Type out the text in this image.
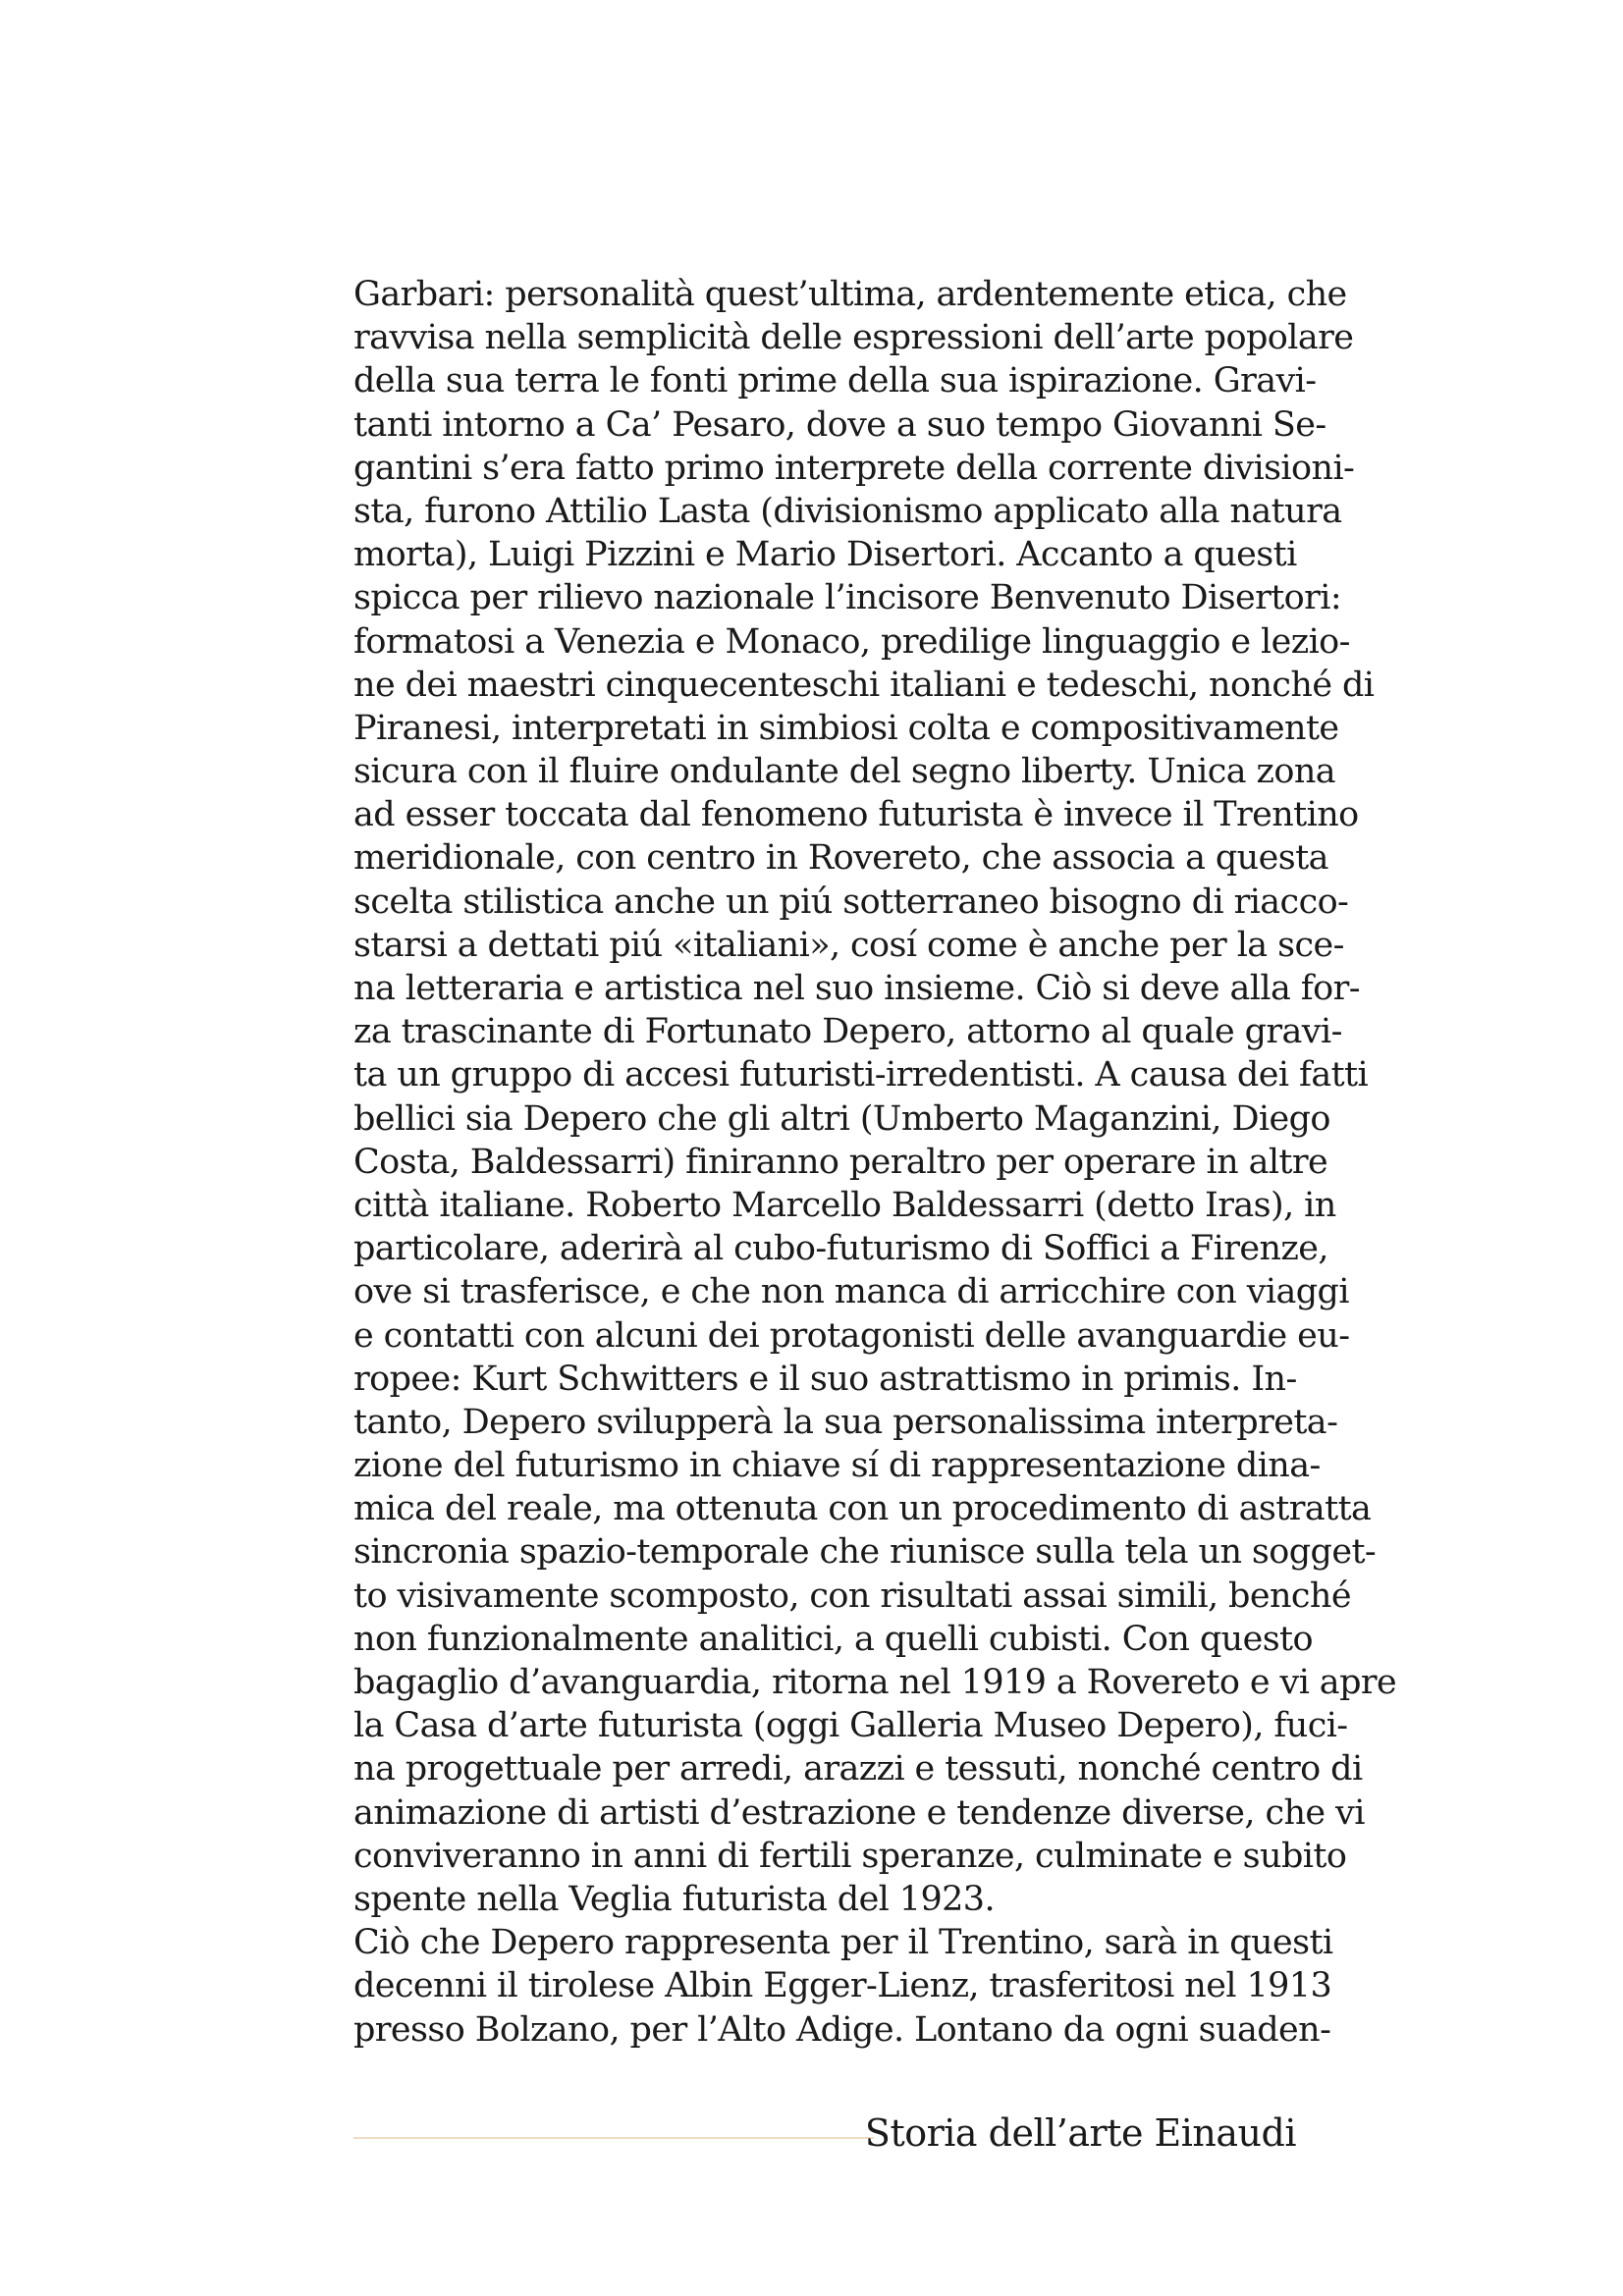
Garbari: personalità quest’ultima, ardentemente etica, che
ravvisa nella semplicità delle espressioni dell’arte popolare
della sua terra le fonti prime della sua ispirazione. Gravi-
tanti intorno a Ca’ Pesaro, dove a suo tempo Giovanni Se-
gantini s’era fatto primo interprete della corrente divisioni-
sta, furono Attilio Lasta (divisionismo applicato alla natura
morta), Luigi Pizzini e Mario Disertori. Accanto a questi
spicca per rilievo nazionale l’incisore Benvenuto Disertori:
formatosi a Venezia e Monaco, predilige linguaggio e lezio-
ne dei maestri cinquecenteschi italiani e tedeschi, nonché di
Piranesi, interpretati in simbiosi colta e compositivamente
sicura con il fluire ondulante del segno liberty. Unica zona
ad esser toccata dal fenomeno futurista è invece il Trentino
meridionale, con centro in Rovereto, che associa a questa
scelta stilistica anche un piú sotterraneo bisogno di riacco-
starsi a dettati piú «italiani», cosí come è anche per la sce-
na letteraria e artistica nel suo insieme. Ciò si deve alla for-
za trascinante di Fortunato Depero, attorno al quale gravi-
ta un gruppo di accesi futuristi-irredentisti. A causa dei fatti
bellici sia Depero che gli altri (Umberto Maganzini, Diego
Costa, Baldessarri) finiranno peraltro per operare in altre
città italiane. Roberto Marcello Baldessarri (detto Iras), in
particolare, aderirà al cubo-futurismo di Soffici a Firenze,
ove si trasferisce, e che non manca di arricchire con viaggi
e contatti con alcuni dei protagonisti delle avanguardie eu-
ropee: Kurt Schwitters e il suo astrattismo in primis. In-
tanto, Depero svilupperà la sua personalissima interpreta-
zione del futurismo in chiave sí di rappresentazione dina-
mica del reale, ma ottenuta con un procedimento di astratta
sincronia spazio-temporale che riunisce sulla tela un sogget-
to visivamente scomposto, con risultati assai simili, benché
non funzionalmente analitici, a quelli cubisti. Con questo
bagaglio d’avanguardia, ritorna nel 1919 a Rovereto e vi apre
la Casa d’arte futurista (oggi Galleria Museo Depero), fuci-
na progettuale per arredi, arazzi e tessuti, nonché centro di
animazione di artisti d’estrazione e tendenze diverse, che vi
conviveranno in anni di fertili speranze, culminate e subito
spente nella Veglia futurista del 1923.
Ciò che Depero rappresenta per il Trentino, sarà in questi
decenni il tirolese Albin Egger-Lienz, trasferitosi nel 1913
presso Bolzano, per l’Alto Adige. Lontano da ogni suaden-
Storia dell’arte Einaudi
